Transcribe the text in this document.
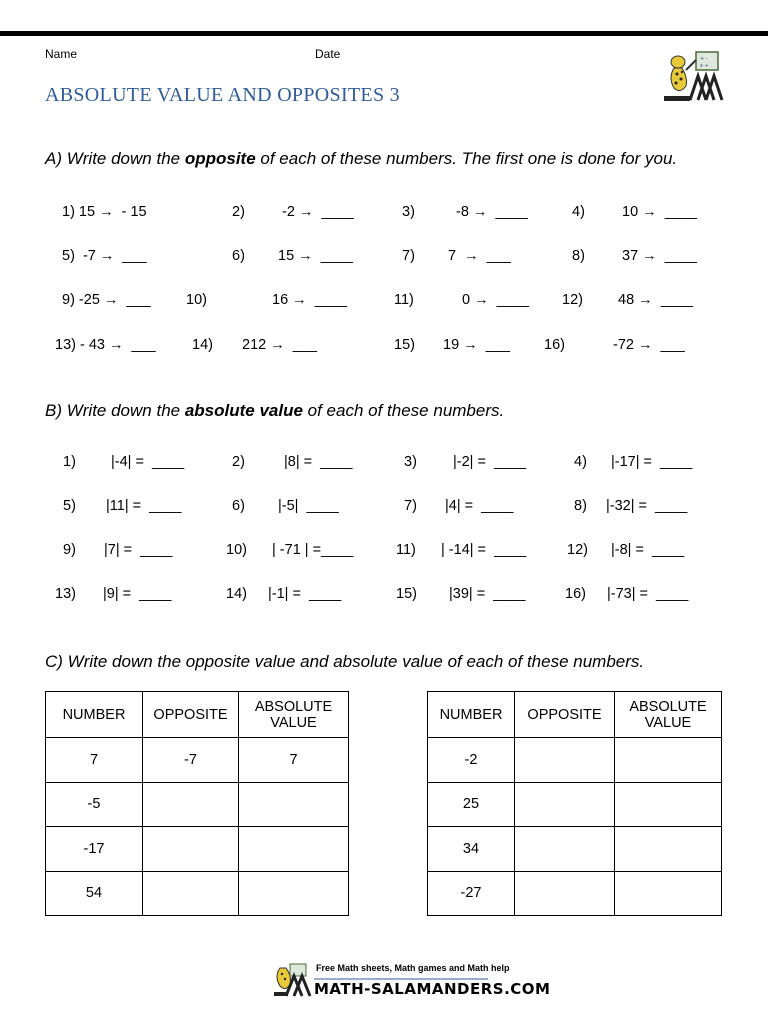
Name	Date
ABSOLUTE VALUE AND OPPOSITES 3
+ -
x ÷
A) Write down the opposite of each of these numbers. The first one is done for you.
1) 15 →  - 15	2)	-2 →  ____	3)	-8 →  ____	4)	10 →  ____
5)  -7 →  ___	6) 15 →  ____	7) 7  →  ___	8)	37 →  ____
9) -25 →  ___ 10)	16 →  ____	11)	0 →  ____ 12) 48 →  ____
13) - 43 →  ___	14) 212 →  ___	15) 19 →  ___ 16)	-72 →  ___
B) Write down the absolute value of each of these numbers.
1) |-4| =  ____	2)	|8| =  ____	3) |-2| =  ____	4) |-17| =  ____
5) |11| =  ____	6) |-5|  ____	7) |4| =  ____	8) |-32| =  ____
9) |7| =  ____	10) | -71 | =____	11) | -14| =  ____	12) |-8| =  ____
13) |9| =  ____	14) |-1| =  ____	15) |39| =  ____	16) |-73| =  ____
C) Write down the opposite value and absolute value of each of these numbers.
NUMBER	OPPOSITE	ABSOLUTE
VALUE
7	-7	7
-5		
-17		
54		
NUMBER	OPPOSITE	ABSOLUTE
VALUE
-2		
25		
34		
-27		
Free Math sheets, Math games and Math help
MATH-SALAMANDERS.COM
